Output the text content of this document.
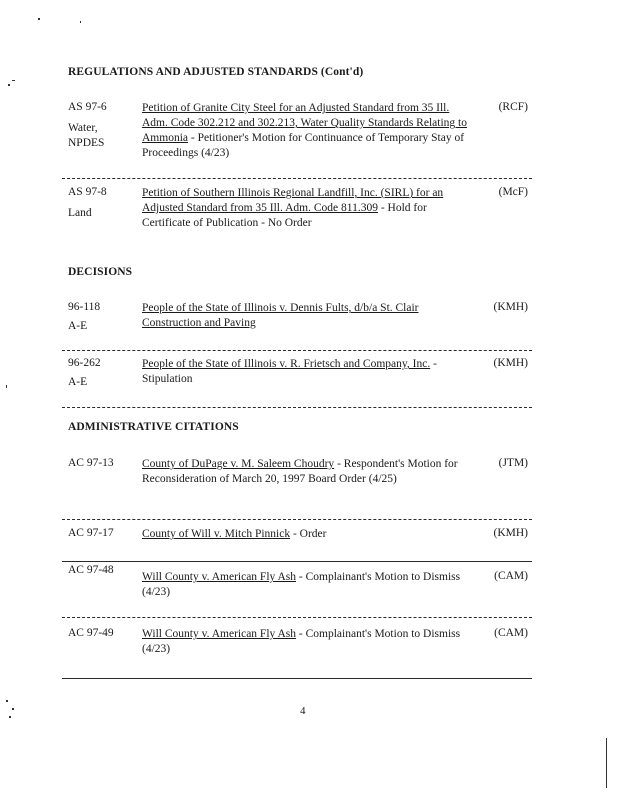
REGULATIONS AND ADJUSTED STANDARDS (Cont'd)
AS 97-6
Water,
NPDES
Petition of Granite City Steel for an Adjusted Standard from 35 Ill. Adm. Code 302.212 and 302.213, Water Quality Standards Relating to Ammonia - Petitioner's Motion for Continuance of Temporary Stay of Proceedings (4/23)
(RCF)
AS 97-8
Land
Petition of Southern Illinois Regional Landfill, Inc. (SIRL) for an Adjusted Standard from 35 Ill. Adm. Code 811.309 - Hold for Certificate of Publication - No Order
(McF)
DECISIONS
96-118
A-E
People of the State of Illinois v. Dennis Fults, d/b/a St. Clair Construction and Paving
(KMH)
96-262
A-E
People of the State of Illinois v. R. Frietsch and Company, Inc. - Stipulation
(KMH)
ADMINISTRATIVE CITATIONS
AC 97-13 County of DuPage v. M. Saleem Choudry - Respondent's Motion for Reconsideration of March 20, 1997 Board Order (4/25)
(JTM)
AC 97-17 County of Will v. Mitch Pinnick - Order	(KMH)
AC 97-48
Will County v. American Fly Ash - Complainant's Motion to Dismiss (4/23)
(CAM)
AC 97-49 Will County v. American Fly Ash - Complainant's Motion to Dismiss (4/23)
(CAM)
4
